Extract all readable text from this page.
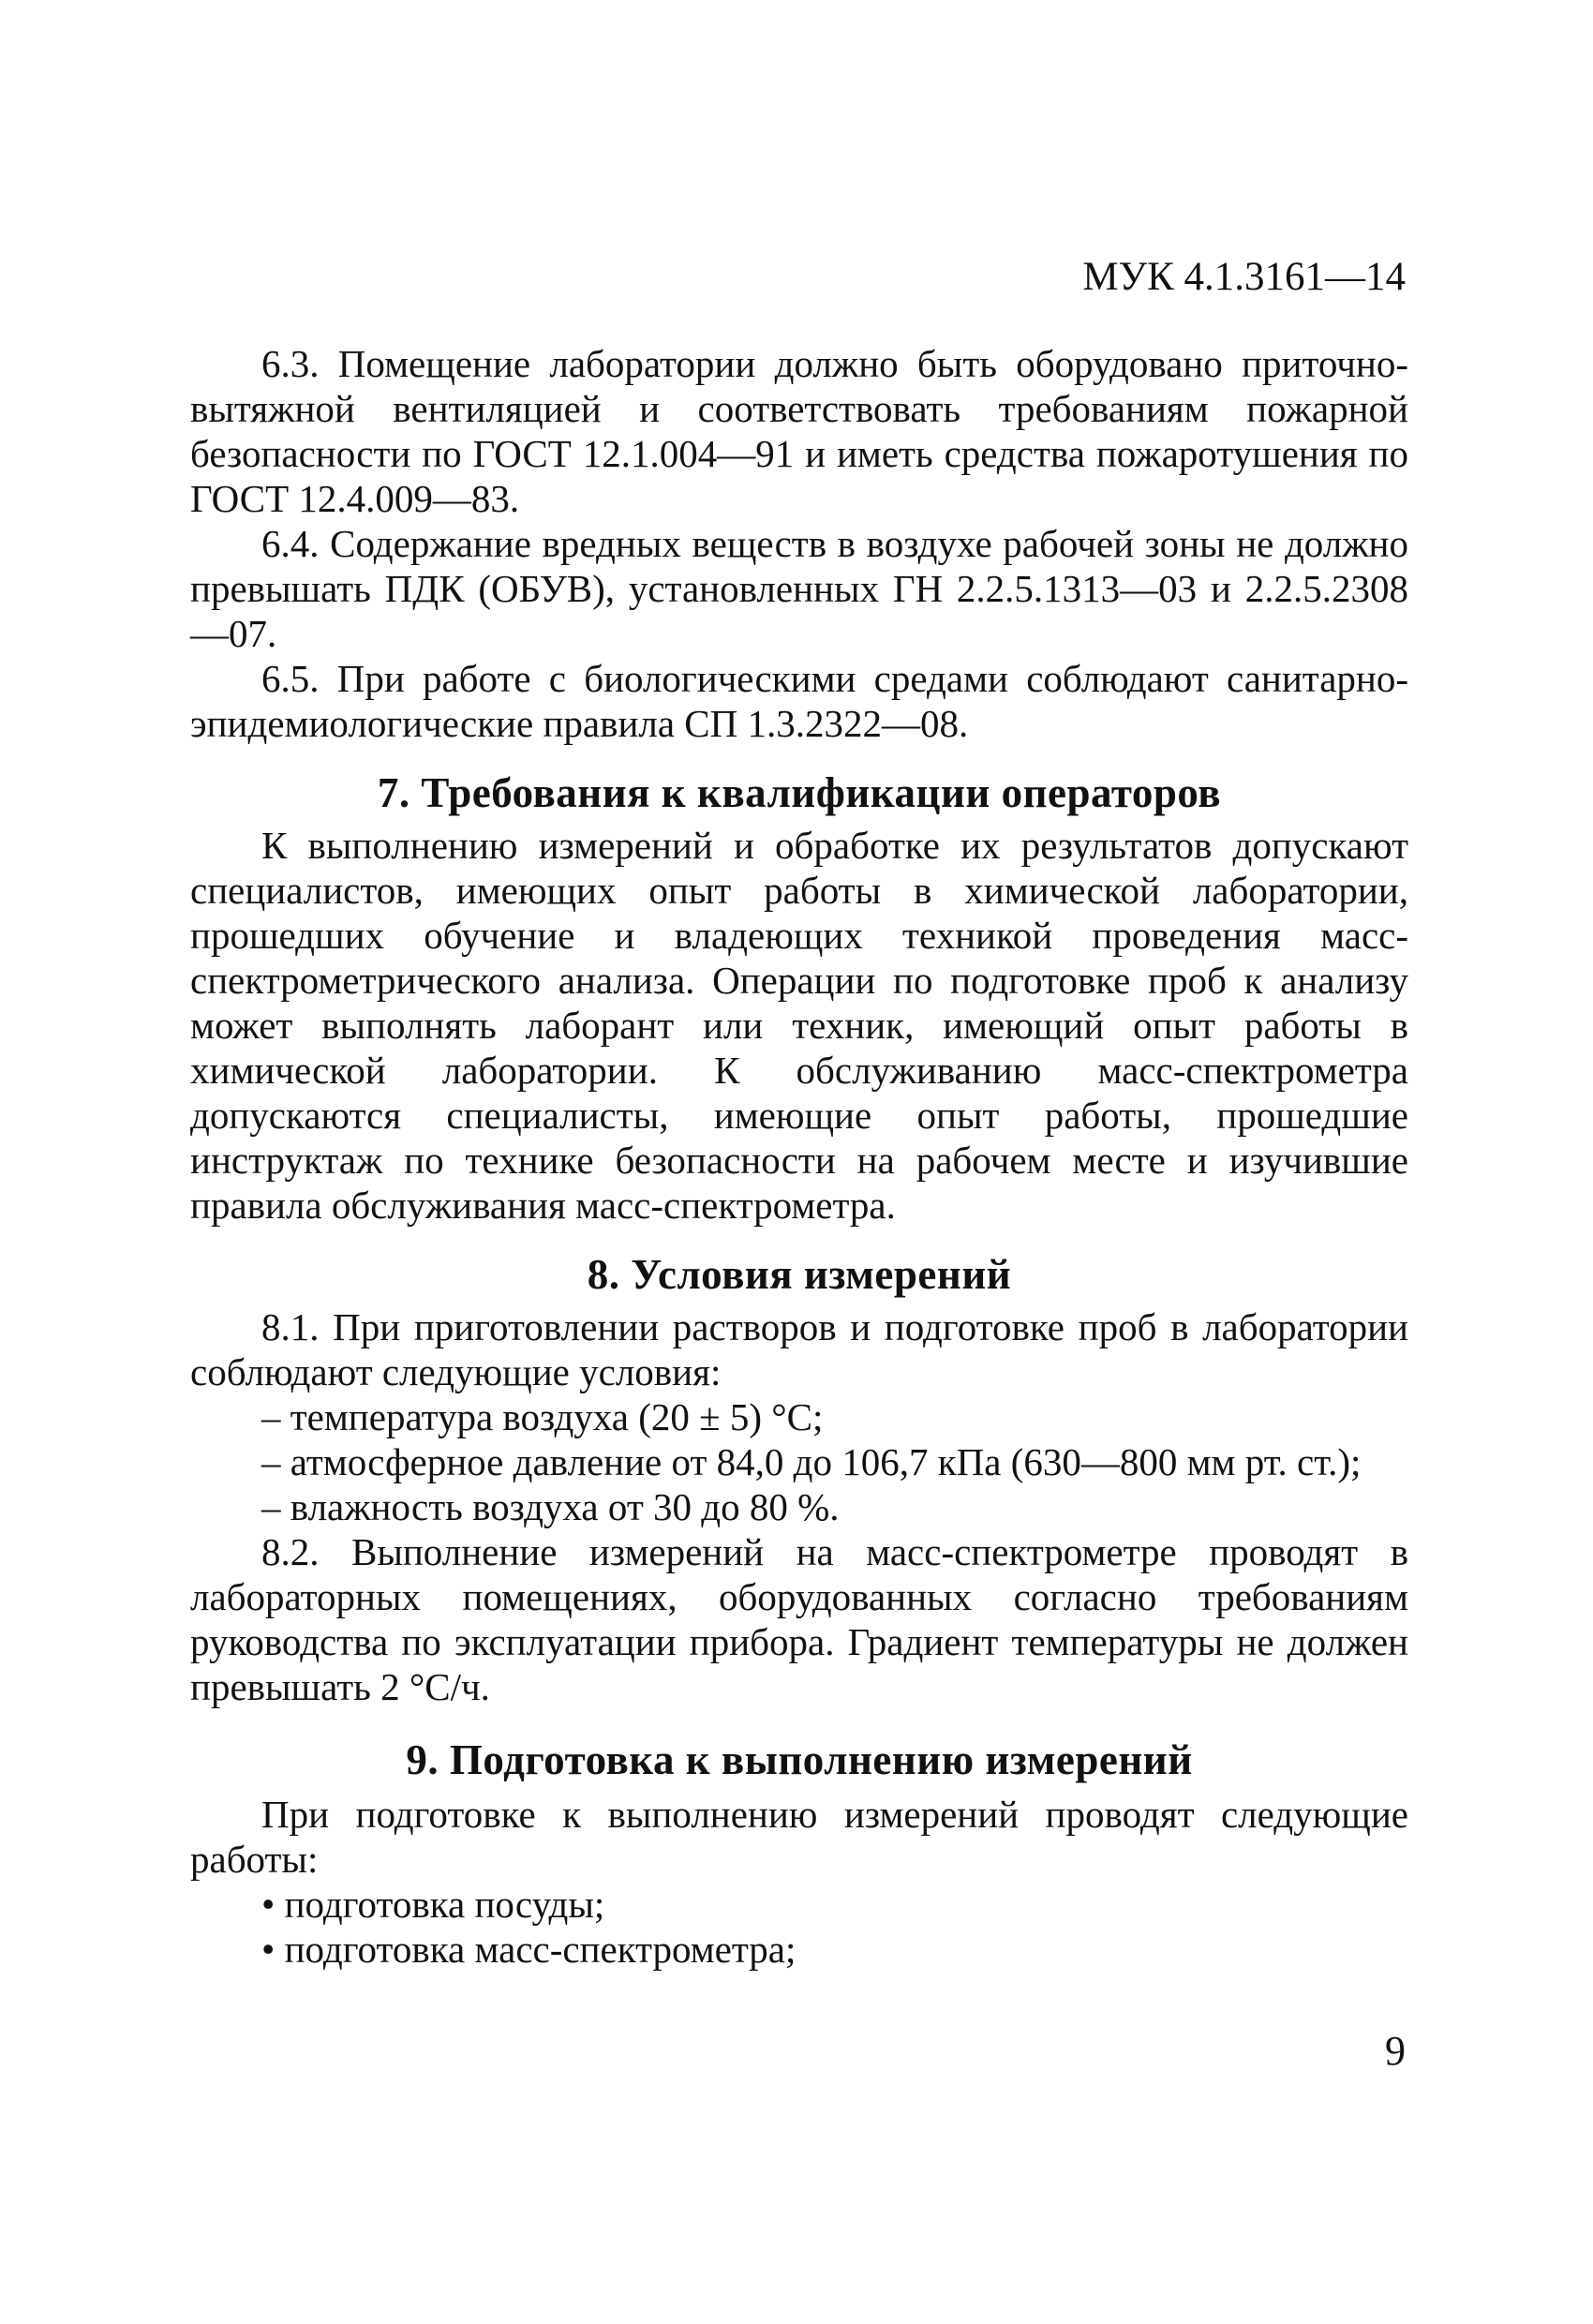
МУК 4.1.3161—14

6.3. Помещение лаборатории должно быть оборудовано приточно-вытяжной вентиляцией и соответствовать требованиям пожарной безопасности по ГОСТ 12.1.004—91 и иметь средства пожаротушения по ГОСТ 12.4.009—83.

6.4. Содержание вредных веществ в воздухе рабочей зоны не должно превышать ПДК (ОБУВ), установленных ГН 2.2.5.1313—03 и 2.2.5.2308—07.

6.5. При работе с биологическими средами соблюдают санитарно-эпидемиологические правила СП 1.3.2322—08.

7. Требования к квалификации операторов

К выполнению измерений и обработке их результатов допускают специалистов, имеющих опыт работы в химической лаборатории, прошедших обучение и владеющих техникой проведения масс-спектрометрического анализа. Операции по подготовке проб к анализу может выполнять лаборант или техник, имеющий опыт работы в химической лаборатории. К обслуживанию масс-спектрометра допускаются специалисты, имеющие опыт работы, прошедшие инструктаж по технике безопасности на рабочем месте и изучившие правила обслуживания масс-спектрометра.

8. Условия измерений

8.1. При приготовлении растворов и подготовке проб в лаборатории соблюдают следующие условия:

– температура воздуха (20 ± 5) °С;
– атмосферное давление от 84,0 до 106,7 кПа (630—800 мм рт. ст.);
– влажность воздуха от 30 до 80 %.

8.2. Выполнение измерений на масс-спектрометре проводят в лабораторных помещениях, оборудованных согласно требованиям руководства по эксплуатации прибора. Градиент температуры не должен превышать 2 °С/ч.

9. Подготовка к выполнению измерений

При подготовке к выполнению измерений проводят следующие работы:

• подготовка посуды;
• подготовка масс-спектрометра;
9
